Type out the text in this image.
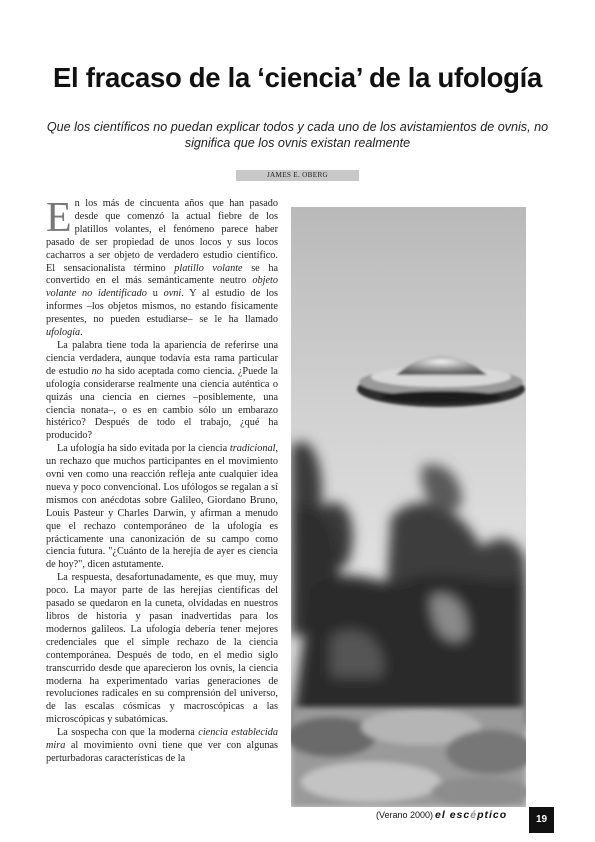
El fracaso de la ‘ciencia’ de la ufología
Que los científicos no puedan explicar todos y cada uno de los avistamientos de ovnis, no significa que los ovnis existan realmente
JAMES E. OBERG

En los más de cincuenta años que han pasado desde que comenzó la actual fiebre de los platillos volantes, el fenómeno parece haber pasado de ser propiedad de unos locos y sus locos cacharros a ser objeto de verdadero estudio científico. El sensacionalista término platillo volante se ha convertido en el más semánticamente neutro objeto volante no identificado u ovni. Y al estudio de los informes –los objetos mismos, no estando físicamente presentes, no pueden estudiarse– se le ha llamado ufología.

La palabra tiene toda la apariencia de referirse una ciencia verdadera, aunque todavía esta rama particular de estudio no ha sido aceptada como ciencia. ¿Puede la ufología considerarse realmente una ciencia auténtica o quizás una ciencia en ciernes –posiblemente, una ciencia nonata–, o es en cambio sólo un embarazo histérico? Después de todo el trabajo, ¿qué ha producido?

La ufología ha sido evitada por la ciencia tradicional, un rechazo que muchos participantes en el movimiento ovni ven como una reacción refleja ante cualquier idea nueva y poco convencional. Los ufólogos se regalan a sí mismos con anécdotas sobre Galileo, Giordano Bruno, Louis Pasteur y Charles Darwin, y afirman a menudo que el rechazo contemporáneo de la ufología es prácticamente una canonización de su campo como ciencia futura. "¿Cuánto de la herejía de ayer es ciencia de hoy?", dicen astutamente.

La respuesta, desafortunadamente, es que muy, muy poco. La mayor parte de las herejías científicas del pasado se quedaron en la cuneta, olvidadas en nuestros libros de historia y pasan inadvertidas para los modernos galileos. La ufología debería tener mejores credenciales que el simple rechazo de la ciencia contemporánea. Después de todo, en el medio siglo transcurrido desde que aparecieron los ovnis, la ciencia moderna ha experimentado varias generaciones de revoluciones radicales en su comprensión del universo, de las escalas cósmicas y macroscópicas a las microscópicas y subatómicas.

La sospecha con que la moderna ciencia establecida mira al movimiento ovni tiene que ver con algunas perturbadoras características de la

(Verano 2000) el escéptico	19
